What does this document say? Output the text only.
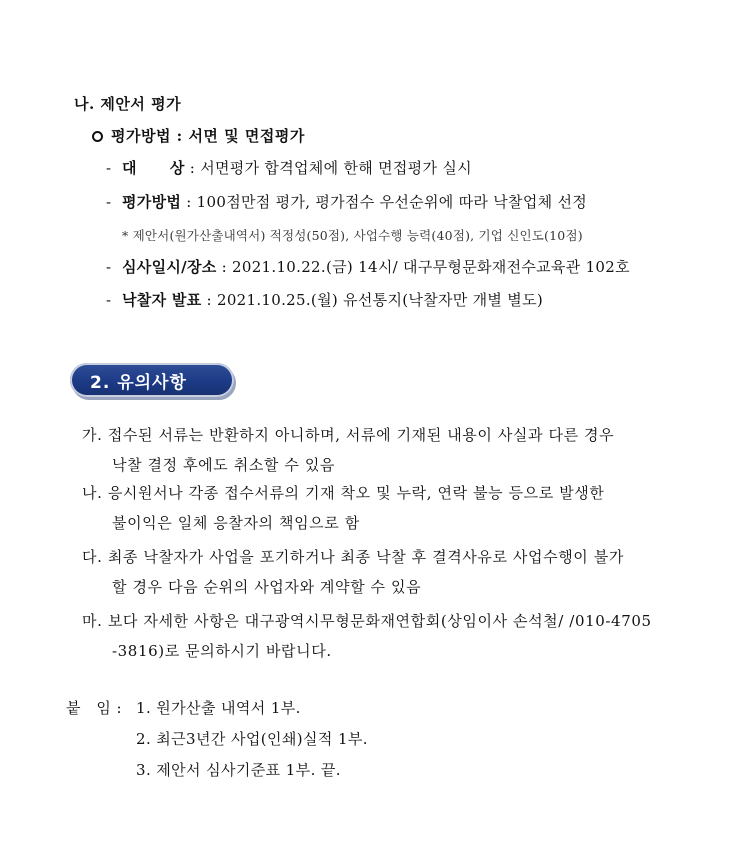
나. 제안서 평가
평가방법 : 서면 및 면접평가
- 대      상 : 서면평가 합격업체에 한해 면접평가 실시
- 평가방법 : 100점만점 평가, 평가점수 우선순위에 따라 낙찰업체 선정
* 제안서(원가산출내역서) 적정성(50점), 사업수행 능력(40점), 기업 신인도(10점)
- 심사일시/장소 : 2021.10.22.(금) 14시/ 대구무형문화재전수교육관 102호
- 낙찰자 발표 : 2021.10.25.(월) 유선통지(낙찰자만 개별 별도)
2. 유의사항
가. 접수된 서류는 반환하지 아니하며, 서류에 기재된 내용이 사실과 다른 경우
낙찰 결정 후에도 취소할 수 있음
나. 응시원서나 각종 접수서류의 기재 착오 및 누락, 연락 불능 등으로 발생한
불이익은 일체 응찰자의 책임으로 함
다. 최종 낙찰자가 사업을 포기하거나 최종 낙찰 후 결격사유로 사업수행이 불가
할 경우 다음 순위의 사업자와 계약할 수 있음
마. 보다 자세한 사항은 대구광역시무형문화재연합회(상임이사 손석철/ /010-4705
-3816)로 문의하시기 바랍니다.
붙   임 : 1. 원가산출 내역서 1부.
2. 최근3년간 사업(인쇄)실적 1부.
3. 제안서 심사기준표 1부. 끝.
